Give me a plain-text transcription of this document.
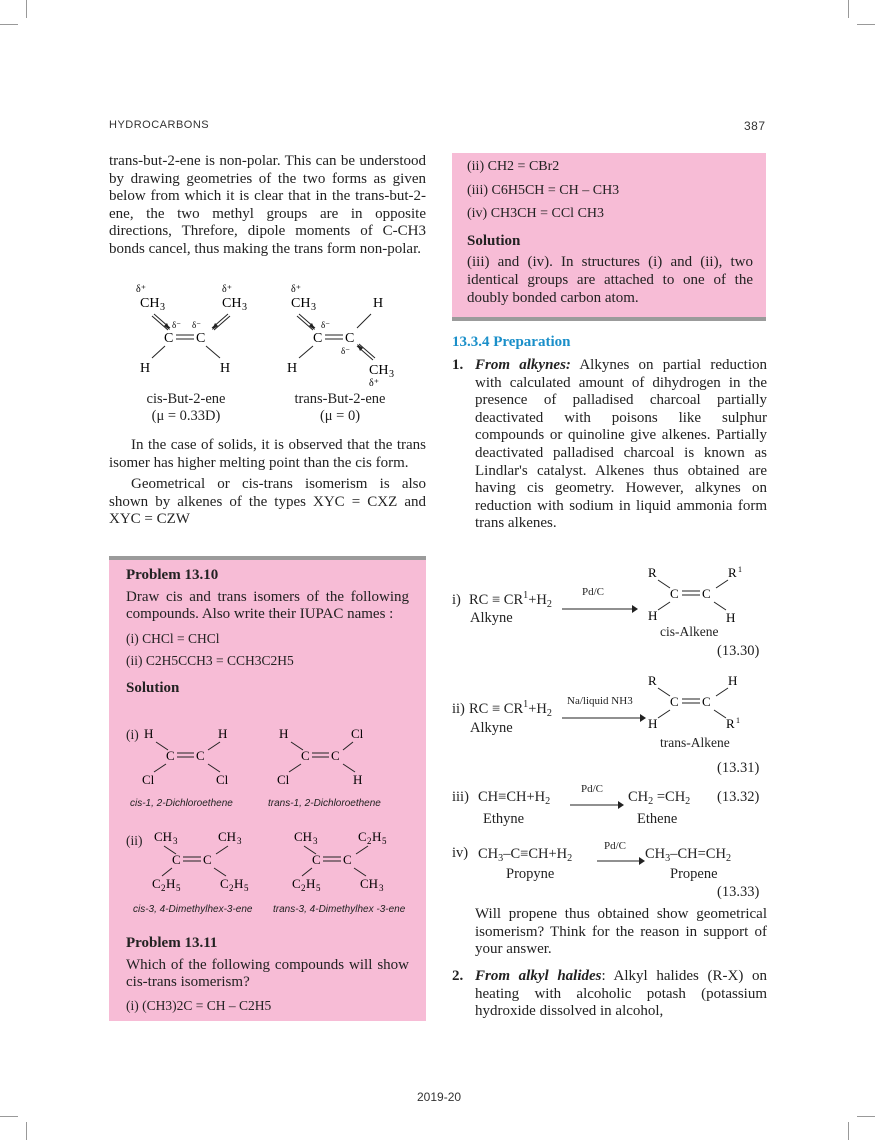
HYDROCARBONS	387

trans-but-2-ene is non-polar. This can be understood by drawing geometries of the two forms as given below from which it is clear that in the trans-but-2-ene, the two methyl groups are in opposite directions, Threfore, dipole moments of C-CH3 bonds cancel, thus making the trans form non-polar.

δ⁺	δ⁺
CH 3	CH 3
δ⁻ δ⁻
C C
H	H
δ⁺
CH 3
δ⁻
H
C C
δ⁻
H	CH 3
δ⁺
cis-But-2-ene
(μ = 0.33D)
trans-But-2-ene
(μ = 0)

In the case of solids, it is observed that the trans isomer has higher melting point than the cis form.

Geometrical or cis-trans isomerism is also shown by alkenes of the types XYC = CXZ and XYC = CZW

Problem 13.10
Draw cis and trans isomers of the following compounds. Also write their IUPAC names :
(i) CHCl = CHCl
(ii) C2H5CCH3 = CCH3C2H5
Solution
(i) H	H
C C
Cl	Cl
H	Cl
C C
Cl	H
cis-1, 2-Dichloroethene	trans-1, 2-Dichloroethene
(ii) CH 3	CH 3
C C
C 2 H 5	C 2 H 5
CH 3	C 2 H 5
C C
C 2 H 5	CH 3
cis-3, 4-Dimethylhex-3-ene trans-3, 4-Dimethylhex -3-ene
Problem 13.11
Which of the following compounds will show cis-trans isomerism?
(i) (CH3)2C = CH – C2H5
(ii) CH2 = CBr2
(iii) C6H5CH = CH – CH3
(iv) CH3CH = CCl CH3
Solution
(iii) and (iv). In structures (i) and (ii), two identical groups are attached to one of the doubly bonded carbon atom.
13.3.4 Preparation
1. From alkynes: Alkynes on partial reduction with calculated amount of dihydrogen in the presence of palladised charcoal partially deactivated with poisons like sulphur compounds or quinoline give alkenes. Partially deactivated palladised charcoal is known as Lindlar's catalyst. Alkenes thus obtained are having cis geometry. However, alkynes on reduction with sodium in liquid ammonia form trans alkenes.
i) RC ≡ $CR^1+H_2$
Alkyne
Pd/C
R	R 1
C C
H	H
cis-Alkene
(13.30)
ii) RC ≡ $CR^1+H_2$
Alkyne
Na/liquid NH3
R	H
C C
H	R 1
trans-Alkene
(13.31)
iii) $CH\equiv CH+H_2$
$Pd/C \to CH_2 =CH_2$ (13.32)
Ethyne	Ethene
iv) $CH_3-C\equiv CH+H_2$
$Pd/C \to CH_3-CH=CH_2$
Propyne	Propene
(13.33)
Will propene thus obtained show geometrical isomerism? Think for the reason in support of your answer.
2. From alkyl halides: Alkyl halides (R-X) on heating with alcoholic potash (potassium hydroxide dissolved in alcohol,
2019-20
